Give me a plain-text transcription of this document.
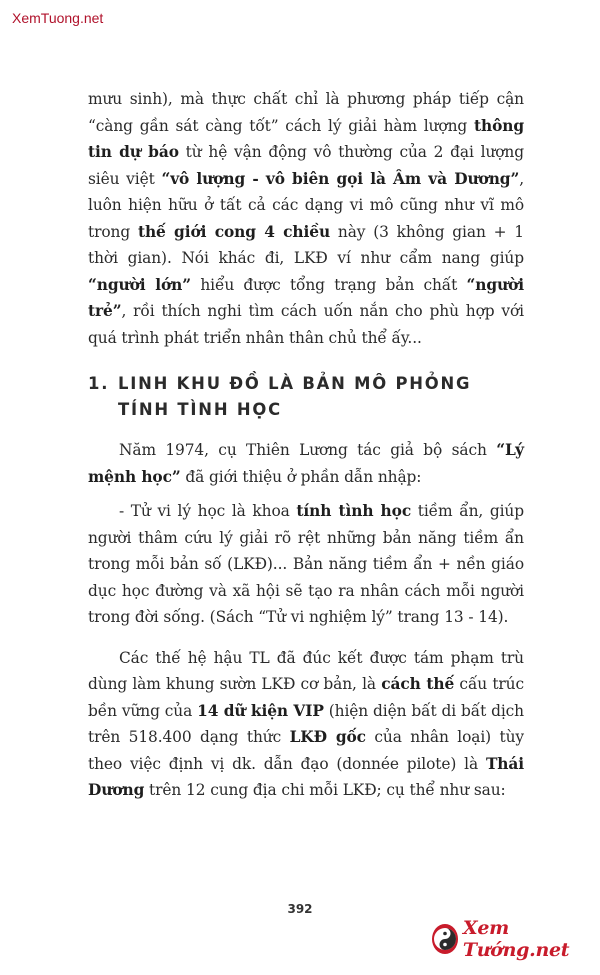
XemTuong.net

mưu sinh), mà thực chất chỉ là phương pháp tiếp cận “càng gần sát càng tốt” cách lý giải hàm lượng thông tin dự báo từ hệ vận động vô thường của 2 đại lượng siêu việt “vô lượng - vô biên gọi là Âm và Dương”, luôn hiện hữu ở tất cả các dạng vi mô cũng như vĩ mô trong thế giới cong 4 chiều này (3 không gian + 1 thời gian). Nói khác đi, LKĐ ví như cẩm nang giúp “người lớn” hiểu được tổng trạng bản chất “người trẻ”, rồi thích nghi tìm cách uốn nắn cho phù hợp với quá trình phát triển nhân thân chủ thể ấy...

1. LINH KHU ĐỒ LÀ BẢN MÔ PHỎNG TÍNH TÌNH HỌC

Năm 1974, cụ Thiên Lương tác giả bộ sách “Lý mệnh học” đã giới thiệu ở phần dẫn nhập:

- Tử vi lý học là khoa tính tình học tiềm ẩn, giúp người thâm cứu lý giải rõ rệt những bản năng tiềm ẩn trong mỗi bản số (LKĐ)... Bản năng tiềm ẩn + nền giáo dục học đường và xã hội sẽ tạo ra nhân cách mỗi người trong đời sống. (Sách “Tử vi nghiệm lý” trang 13 - 14).

Các thế hệ hậu TL đã đúc kết được tám phạm trù dùng làm khung sườn LKĐ cơ bản, là cách thế cấu trúc bền vững của 14 dữ kiện VIP (hiện diện bất di bất dịch trên 518.400 dạng thức LKĐ gốc của nhân loại) tùy theo việc định vị dk. dẫn đạo (donnée pilote) là Thái Dương trên 12 cung địa chi mỗi LKĐ; cụ thể như sau:

392
Xem Tướng.net
